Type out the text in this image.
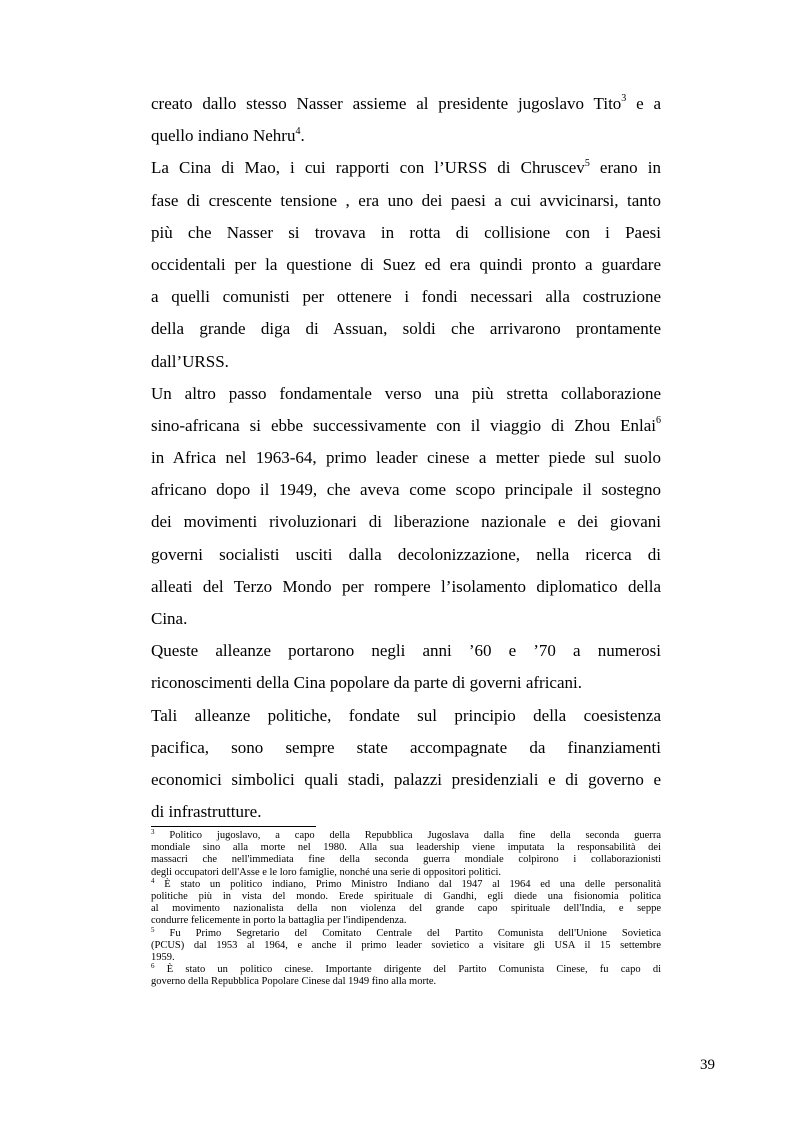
creato dallo stesso Nasser assieme al presidente jugoslavo Tito$^3$ e a
quello indiano Nehru$^4$.
La Cina di Mao, i cui rapporti con l’URSS di Chruscev$^5$ erano in
fase di crescente tensione , era uno dei paesi a cui avvicinarsi, tanto
più che Nasser si trovava in rotta di collisione con i Paesi
occidentali per la questione di Suez ed era quindi pronto a guardare
a quelli comunisti per ottenere i fondi necessari alla costruzione
della grande diga di Assuan, soldi che arrivarono prontamente
dall’URSS.
Un altro passo fondamentale verso una più stretta collaborazione
sino-africana si ebbe successivamente con il viaggio di Zhou Enlai$^6$
in Africa nel 1963-64, primo leader cinese a metter piede sul suolo
africano dopo il 1949, che aveva come scopo principale il sostegno
dei movimenti rivoluzionari di liberazione nazionale e dei giovani
governi socialisti usciti dalla decolonizzazione, nella ricerca di
alleati del Terzo Mondo per rompere l’isolamento diplomatico della
Cina.
Queste alleanze portarono negli anni ’60 e ’70 a numerosi
riconoscimenti della Cina popolare da parte di governi africani.
Tali alleanze politiche, fondate sul principio della coesistenza
pacifica, sono sempre state accompagnate da finanziamenti
economici simbolici quali stadi, palazzi presidenziali e di governo e
di infrastrutture.
$^3$ Politico jugoslavo, a capo della Repubblica Jugoslava dalla fine della seconda guerra
mondiale sino alla morte nel 1980. Alla sua leadership viene imputata la responsabilità dei
massacri che nell'immediata fine della seconda guerra mondiale colpirono i collaborazionisti
degli occupatori dell'Asse e le loro famiglie, nonché una serie di oppositori politici.
$^4$ È stato un politico indiano, Primo Ministro Indiano dal 1947 al 1964 ed una delle personalità
politiche più in vista del mondo. Erede spirituale di Gandhi, egli diede una fisionomia politica
al movimento nazionalista della non violenza del grande capo spirituale dell'India, e seppe
condurre felicemente in porto la battaglia per l'indipendenza.
$^5$ Fu Primo Segretario del Comitato Centrale del Partito Comunista dell'Unione Sovietica
(PCUS) dal 1953 al 1964, e anche il primo leader sovietico a visitare gli USA il 15 settembre
1959.
$^6$ È stato un politico cinese. Importante dirigente del Partito Comunista Cinese, fu capo di
governo della Repubblica Popolare Cinese dal 1949 fino alla morte.
39
